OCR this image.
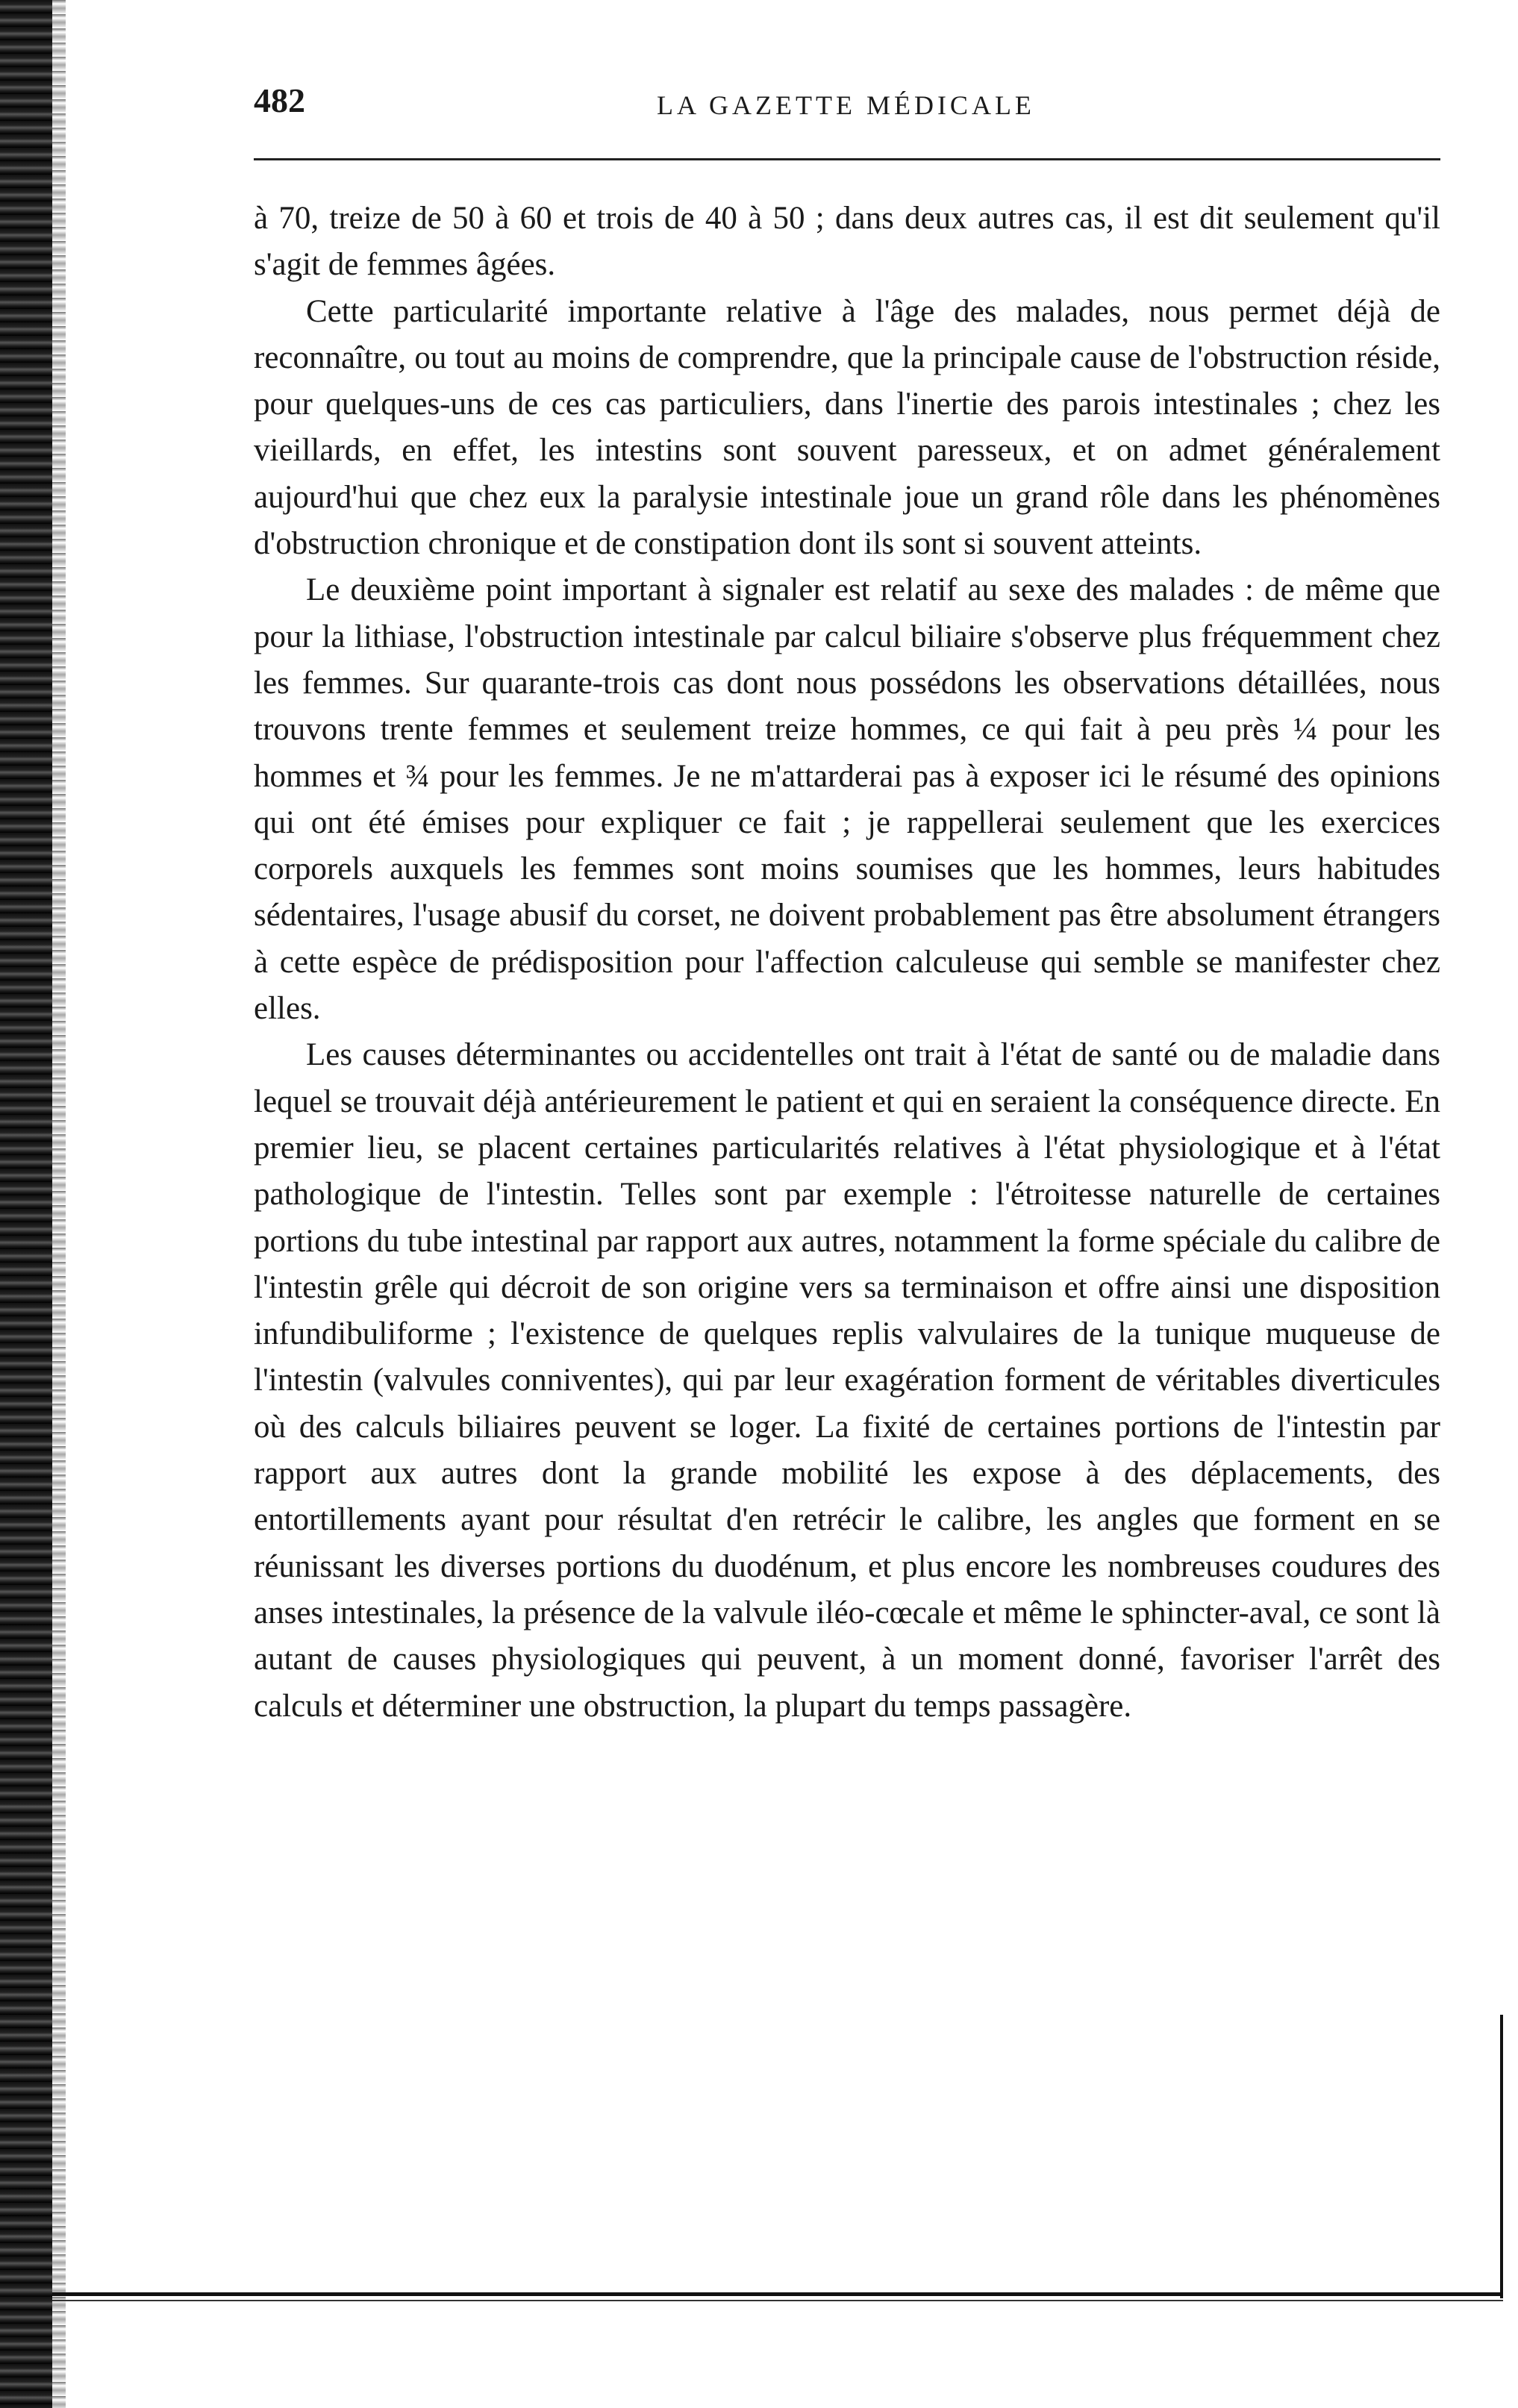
482	LA GAZETTE MÉDICALE

à 70, treize de 50 à 60 et trois de 40 à 50 ; dans deux autres cas, il est dit seulement qu'il s'agit de femmes âgées.

Cette particularité importante relative à l'âge des malades, nous permet déjà de reconnaître, ou tout au moins de comprendre, que la principale cause de l'obstruction réside, pour quelques-uns de ces cas particuliers, dans l'inertie des parois intestinales ; chez les vieillards, en effet, les intestins sont souvent paresseux, et on admet généralement aujourd'hui que chez eux la paralysie intestinale joue un grand rôle dans les phénomènes d'obstruction chronique et de constipation dont ils sont si souvent atteints.

Le deuxième point important à signaler est relatif au sexe des malades : de même que pour la lithiase, l'obstruction intestinale par calcul biliaire s'observe plus fréquemment chez les femmes. Sur quarante-trois cas dont nous possédons les observations détaillées, nous trouvons trente femmes et seulement treize hommes, ce qui fait à peu près ¼ pour les hommes et ¾ pour les femmes. Je ne m'attarderai pas à exposer ici le résumé des opinions qui ont été émises pour expliquer ce fait ; je rappellerai seulement que les exercices corporels auxquels les femmes sont moins soumises que les hommes, leurs habitudes sédentaires, l'usage abusif du corset, ne doivent probablement pas être absolument étrangers à cette espèce de prédisposition pour l'affection calculeuse qui semble se manifester chez elles.

Les causes déterminantes ou accidentelles ont trait à l'état de santé ou de maladie dans lequel se trouvait déjà antérieurement le patient et qui en seraient la conséquence directe. En premier lieu, se placent certaines particularités relatives à l'état physiologique et à l'état pathologique de l'intestin. Telles sont par exemple : l'étroitesse naturelle de certaines portions du tube intestinal par rapport aux autres, notamment la forme spéciale du calibre de l'intestin grêle qui décroit de son origine vers sa terminaison et offre ainsi une disposition infundibuliforme ; l'existence de quelques replis valvulaires de la tunique muqueuse de l'intestin (valvules conniventes), qui par leur exagération forment de véritables diverticules où des calculs biliaires peuvent se loger. La fixité de certaines portions de l'intestin par rapport aux autres dont la grande mobilité les expose à des déplacements, des entortillements ayant pour résultat d'en retrécir le calibre, les angles que forment en se réunissant les diverses portions du duodénum, et plus encore les nombreuses coudures des anses intestinales, la présence de la valvule iléo-cœcale et même le sphincter-aval, ce sont là autant de causes physiologiques qui peuvent, à un moment donné, favoriser l'arrêt des calculs et déterminer une obstruction, la plupart du temps passagère.
